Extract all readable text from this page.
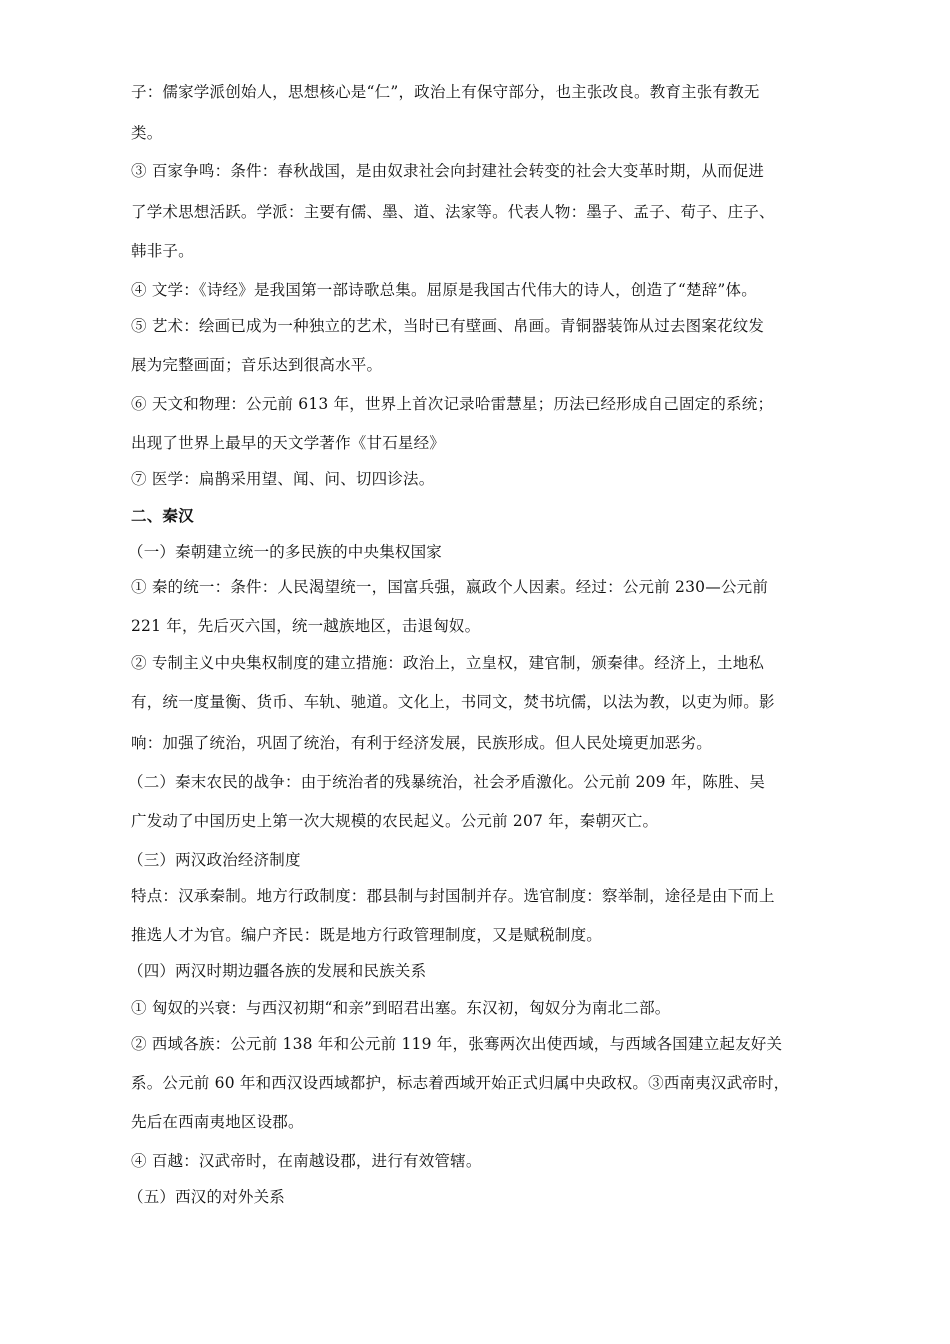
子：儒家学派创始人，思想核心是“仁”，政治上有保守部分，也主张改良。教育主张有教无
类。
③ 百家争鸣：条件：春秋战国，是由奴隶社会向封建社会转变的社会大变革时期，从而促进
了学术思想活跃。学派：主要有儒、墨、道、法家等。代表人物：墨子、孟子、荀子、庄子、
韩非子。
④ 文学：《诗经》是我国第一部诗歌总集。屈原是我国古代伟大的诗人，创造了“楚辞”体。
⑤ 艺术：绘画已成为一种独立的艺术，当时已有壁画、帛画。青铜器装饰从过去图案花纹发
展为完整画面；音乐达到很高水平。
⑥ 天文和物理：公元前 613 年，世界上首次记录哈雷慧星；历法已经形成自己固定的系统；
出现了世界上最早的天文学著作《甘石星经》
⑦ 医学：扁鹊采用望、闻、问、切四诊法。
二、秦汉
（一）秦朝建立统一的多民族的中央集权国家
① 秦的统一：条件：人民渴望统一，国富兵强，嬴政个人因素。经过：公元前 230—公元前
221 年，先后灭六国，统一越族地区，击退匈奴。
② 专制主义中央集权制度的建立措施：政治上，立皇权，建官制，颁秦律。经济上，土地私
有，统一度量衡、货币、车轨、驰道。文化上，书同文，焚书坑儒，以法为教，以吏为师。影
响：加强了统治，巩固了统治，有利于经济发展，民族形成。但人民处境更加恶劣。
（二）秦末农民的战争：由于统治者的残暴统治，社会矛盾激化。公元前 209 年，陈胜、吴
广发动了中国历史上第一次大规模的农民起义。公元前 207 年，秦朝灭亡。
（三）两汉政治经济制度
特点：汉承秦制。地方行政制度：郡县制与封国制并存。选官制度：察举制，途径是由下而上
推选人才为官。编户齐民：既是地方行政管理制度，又是赋税制度。
（四）两汉时期边疆各族的发展和民族关系
① 匈奴的兴衰：与西汉初期“和亲”到昭君出塞。东汉初，匈奴分为南北二部。
② 西域各族：公元前 138 年和公元前 119 年，张骞两次出使西域，与西域各国建立起友好关
系。公元前 60 年和西汉设西域都护，标志着西域开始正式归属中央政权。③西南夷汉武帝时，
先后在西南夷地区设郡。
④ 百越：汉武帝时，在南越设郡，进行有效管辖。
（五）西汉的对外关系
